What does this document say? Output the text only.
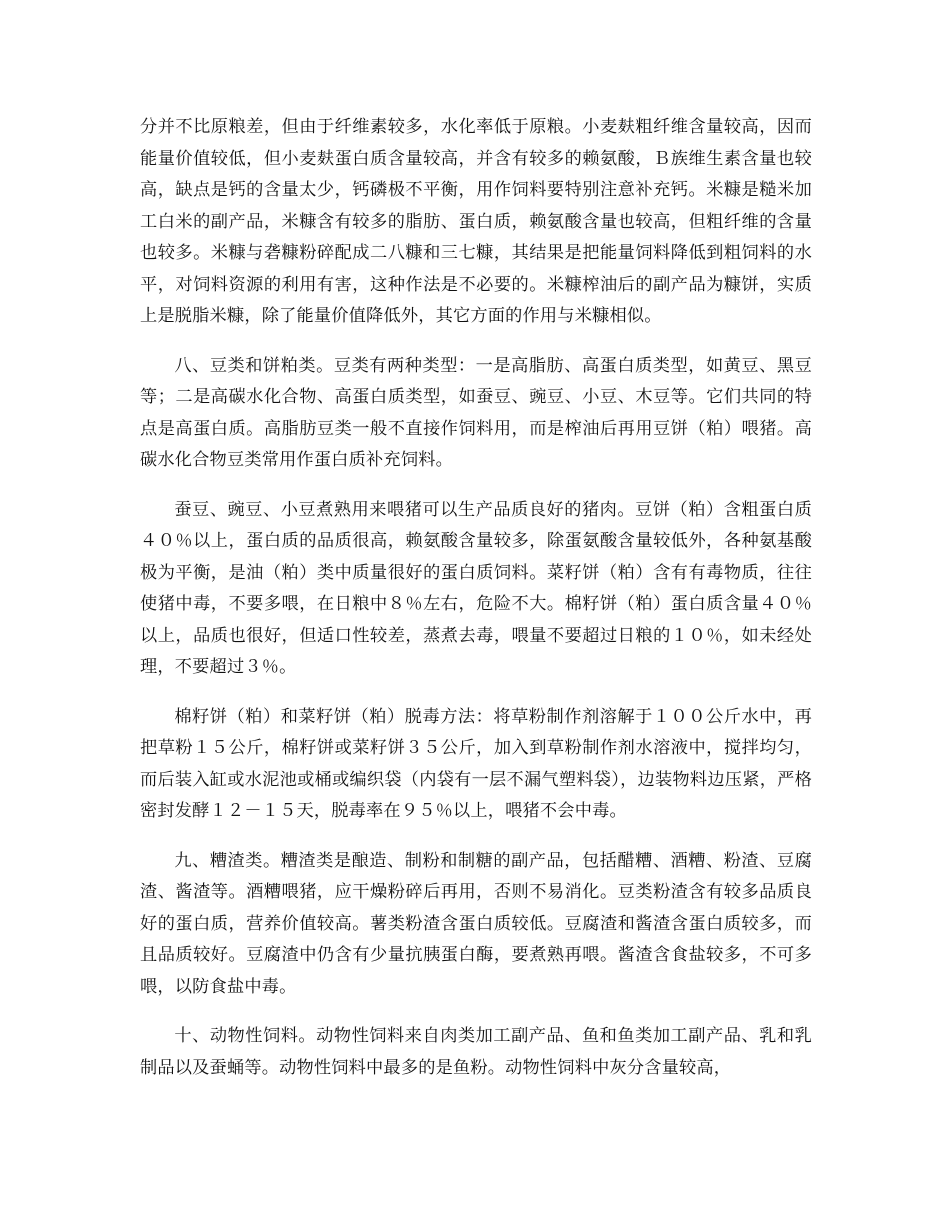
分并不比原粮差，但由于纤维素较多，水化率低于原粮。小麦麸粗纤维含量较高，因而能量价值较低，但小麦麸蛋白质含量较高，并含有较多的赖氨酸，Ｂ族维生素含量也较高，缺点是钙的含量太少，钙磷极不平衡，用作饲料要特别注意补充钙。米糠是糙米加工白米的副产品，米糠含有较多的脂肪、蛋白质，赖氨酸含量也较高，但粗纤维的含量也较多。米糠与砻糠粉碎配成二八糠和三七糠，其结果是把能量饲料降低到粗饲料的水平，对饲料资源的利用有害，这种作法是不必要的。米糠榨油后的副产品为糠饼，实质上是脱脂米糠，除了能量价值降低外，其它方面的作用与米糠相似。

八、豆类和饼粕类。豆类有两种类型：一是高脂肪、高蛋白质类型，如黄豆、黑豆等；二是高碳水化合物、高蛋白质类型，如蚕豆、豌豆、小豆、木豆等。它们共同的特点是高蛋白质。高脂肪豆类一般不直接作饲料用，而是榨油后再用豆饼（粕）喂猪。高碳水化合物豆类常用作蛋白质补充饲料。

蚕豆、豌豆、小豆煮熟用来喂猪可以生产品质良好的猪肉。豆饼（粕）含粗蛋白质４０％以上，蛋白质的品质很高，赖氨酸含量较多，除蛋氨酸含量较低外，各种氨基酸极为平衡，是油（粕）类中质量很好的蛋白质饲料。菜籽饼（粕）含有有毒物质，往往使猪中毒，不要多喂，在日粮中８％左右，危险不大。棉籽饼（粕）蛋白质含量４０％以上，品质也很好，但适口性较差，蒸煮去毒，喂量不要超过日粮的１０％，如未经处理，不要超过３％。

棉籽饼（粕）和菜籽饼（粕）脱毒方法：将草粉制作剂溶解于１００公斤水中，再把草粉１５公斤，棉籽饼或菜籽饼３５公斤，加入到草粉制作剂水溶液中，搅拌均匀，而后装入缸或水泥池或桶或编织袋（内袋有一层不漏气塑料袋），边装物料边压紧，严格密封发酵１２－１５天，脱毒率在９５％以上，喂猪不会中毒。

九、糟渣类。糟渣类是酿造、制粉和制糖的副产品，包括醋糟、酒糟、粉渣、豆腐渣、酱渣等。酒糟喂猪，应干燥粉碎后再用，否则不易消化。豆类粉渣含有较多品质良好的蛋白质，营养价值较高。薯类粉渣含蛋白质较低。豆腐渣和酱渣含蛋白质较多，而且品质较好。豆腐渣中仍含有少量抗胰蛋白酶，要煮熟再喂。酱渣含食盐较多，不可多喂，以防食盐中毒。

十、动物性饲料。动物性饲料来自肉类加工副产品、鱼和鱼类加工副产品、乳和乳制品以及蚕蛹等。动物性饲料中最多的是鱼粉。动物性饲料中灰分含量较高，
